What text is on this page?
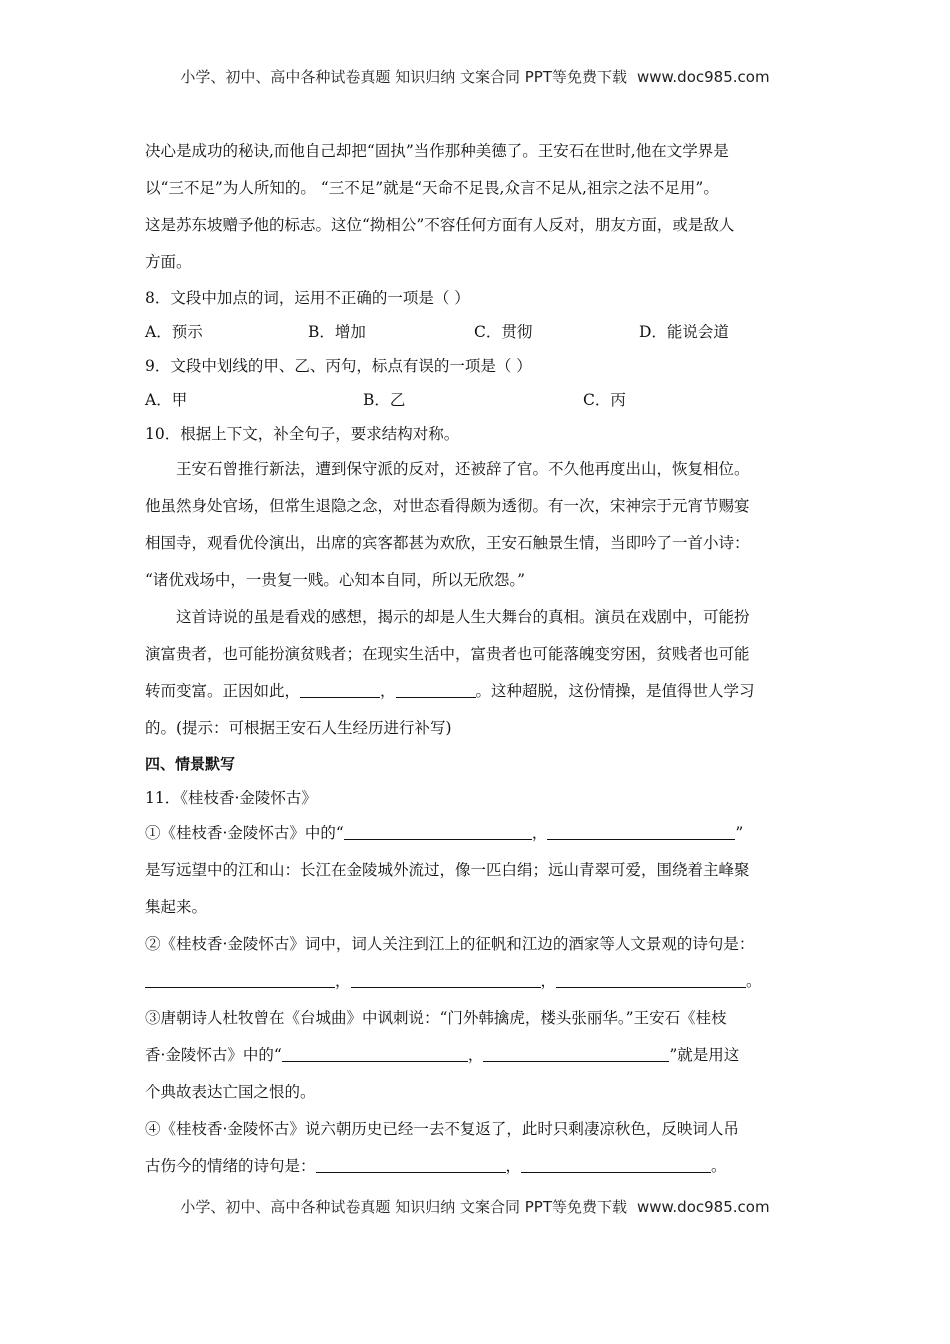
小学、初中、高中各种试卷真题 知识归纳 文案合同 PPT等免费下载 www.doc985.com
决心是成功的秘诀,而他自己却把“固执”当作那种美德了。王安石在世时,他在文学界是
以“三不足”为人所知的。 “三不足”就是“天命不足畏,众言不足从,祖宗之法不足用”。
这是苏东坡赠予他的标志。这位“拗相公”不容任何方面有人反对，朋友方面，或是敌人
方面。
8．文段中加点的词，运用不正确的一项是（ ）
A．预示	B．增加	C．贯彻	D．能说会道
9．文段中划线的甲、乙、丙句，标点有误的一项是（ ）
A．甲	B．乙	C．丙
10．根据上下文，补全句子，要求结构对称。
王安石曾推行新法，遭到保守派的反对，还被辞了官。不久他再度出山，恢复相位。
他虽然身处官场，但常生退隐之念，对世态看得颇为透彻。有一次，宋神宗于元宵节赐宴
相国寺，观看优伶演出，出席的宾客都甚为欢欣，王安石触景生情，当即吟了一首小诗：
“诸优戏场中，一贵复一贱。心知本自同，所以无欣怨。”
这首诗说的虽是看戏的感想，揭示的却是人生大舞台的真相。演员在戏剧中，可能扮
演富贵者，也可能扮演贫贱者；在现实生活中，富贵者也可能落魄变穷困，贫贱者也可能
转而变富。正因如此，	，	。这种超脱，这份情操，是值得世人学习
的。(提示：可根据王安石人生经历进行补写)
四、情景默写
11．《桂枝香·金陵怀古》
①《桂枝香·金陵怀古》中的“	，	”
是写远望中的江和山：长江在金陵城外流过，像一匹白绢；远山青翠可爱，围绕着主峰聚
集起来。
②《桂枝香·金陵怀古》词中，词人关注到江上的征帆和江边的酒家等人文景观的诗句是：
，	，	。
③唐朝诗人杜牧曾在《台城曲》中讽刺说：“门外韩擒虎，楼头张丽华。”王安石《桂枝
香·金陵怀古》中的“	，	”就是用这
个典故表达亡国之恨的。
④《桂枝香·金陵怀古》说六朝历史已经一去不复返了，此时只剩凄凉秋色，反映词人吊
古伤今的情绪的诗句是：	，	。
小学、初中、高中各种试卷真题 知识归纳 文案合同 PPT等免费下载 www.doc985.com
